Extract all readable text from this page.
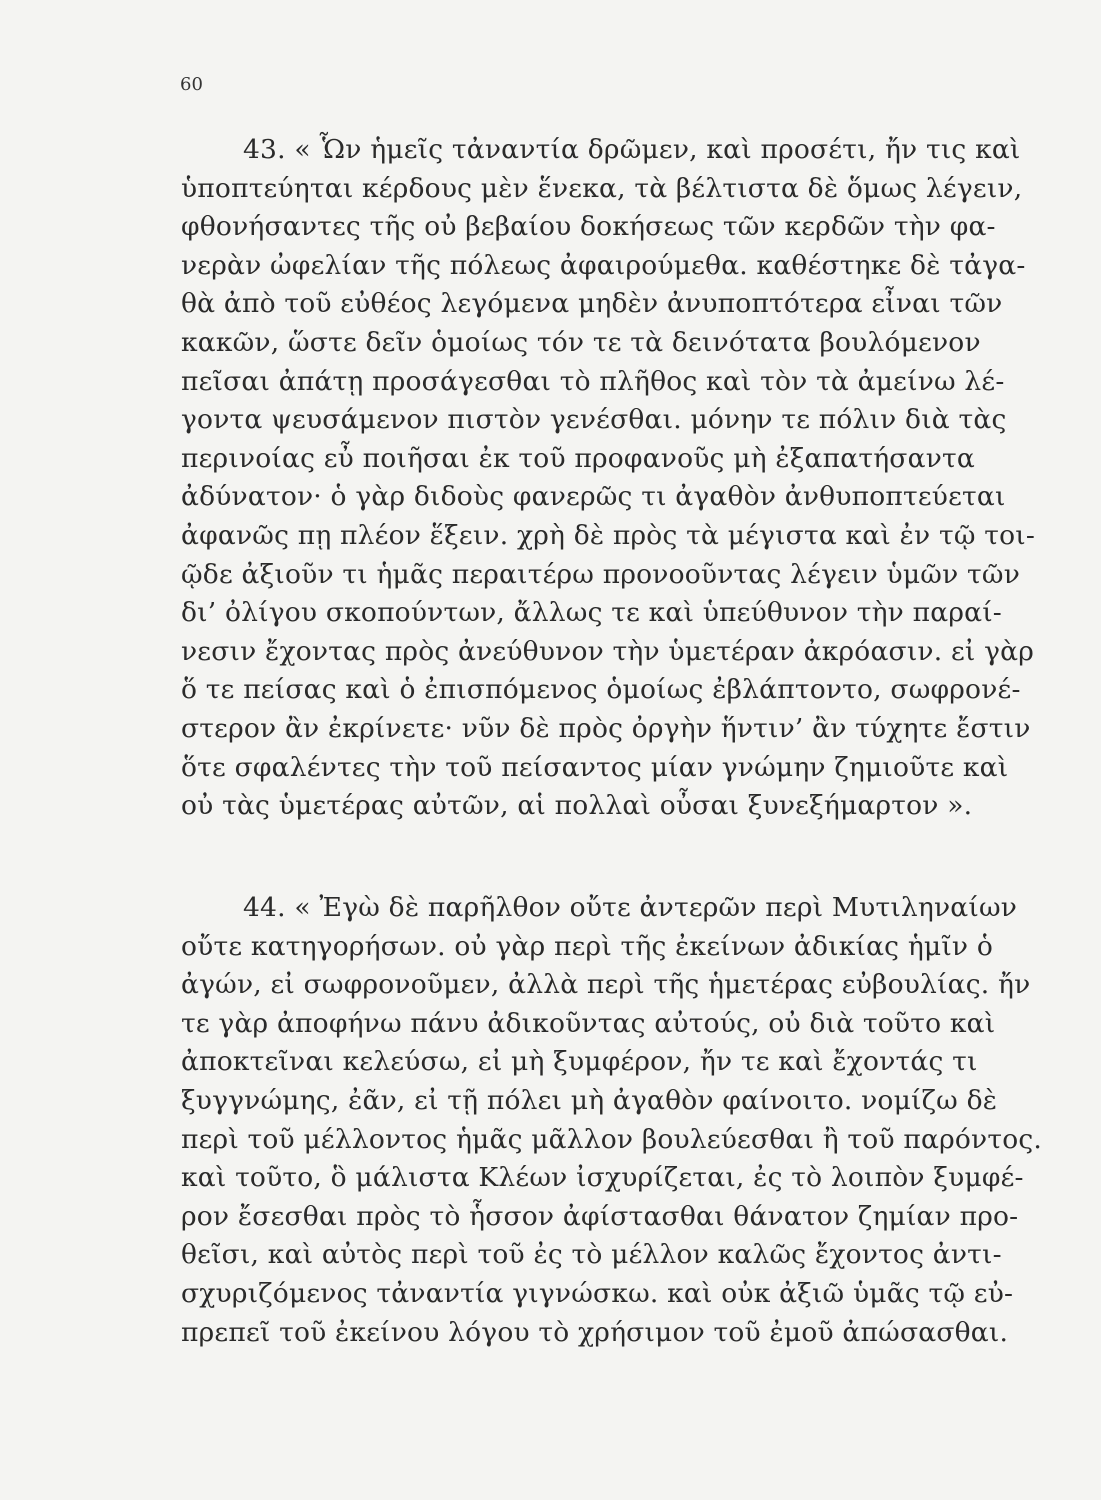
60
43. « Ὧν ἡμεῖς τἀναντία δρῶμεν, καὶ προσέτι, ἤν τις καὶ
ὑποπτεύηται κέρδους μὲν ἕνεκα, τὰ βέλτιστα δὲ ὅμως λέγειν,
φθονήσαντες τῆς οὐ βεβαίου δοκήσεως τῶν κερδῶν τὴν φα-
νερὰν ὠφελίαν τῆς πόλεως ἀφαιρούμεθα. καθέστηκε δὲ τἀγα-
θὰ ἀπὸ τοῦ εὐθέος λεγόμενα μηδὲν ἀνυποπτότερα εἶναι τῶν
κακῶν, ὥστε δεῖν ὁμοίως τόν τε τὰ δεινότατα βουλόμενον
πεῖσαι ἀπάτῃ προσάγεσθαι τὸ πλῆθος καὶ τὸν τὰ ἀμείνω λέ-
γοντα ψευσάμενον πιστὸν γενέσθαι. μόνην τε πόλιν διὰ τὰς
περινοίας εὖ ποιῆσαι ἐκ τοῦ προφανοῦς μὴ ἐξαπατήσαντα
ἀδύνατον· ὁ γὰρ διδοὺς φανερῶς τι ἀγαθὸν ἀνθυποπτεύεται
ἀφανῶς πῃ πλέον ἕξειν. χρὴ δὲ πρὸς τὰ μέγιστα καὶ ἐν τῷ τοι-
ῷδε ἀξιοῦν τι ἡμᾶς περαιτέρω προνοοῦντας λέγειν ὑμῶν τῶν
δι’ ὀλίγου σκοπούντων, ἄλλως τε καὶ ὑπεύθυνον τὴν παραί-
νεσιν ἔχοντας πρὸς ἀνεύθυνον τὴν ὑμετέραν ἀκρόασιν. εἰ γὰρ
ὅ τε πείσας καὶ ὁ ἐπισπόμενος ὁμοίως ἐβλάπτοντο, σωφρονέ-
στερον ἂν ἐκρίνετε· νῦν δὲ πρὸς ὀργὴν ἥντιν’ ἂν τύχητε ἔστιν
ὅτε σφαλέντες τὴν τοῦ πείσαντος μίαν γνώμην ζημιοῦτε καὶ
οὐ τὰς ὑμετέρας αὐτῶν, αἱ πολλαὶ οὖσαι ξυνεξήμαρτον ».
44. « Ἐγὼ δὲ παρῆλθον οὔτε ἀντερῶν περὶ Μυτιληναίων
οὔτε κατηγορήσων. οὐ γὰρ περὶ τῆς ἐκείνων ἀδικίας ἡμῖν ὁ
ἀγών, εἰ σωφρονοῦμεν, ἀλλὰ περὶ τῆς ἡμετέρας εὐβουλίας. ἤν
τε γὰρ ἀποφήνω πάνυ ἀδικοῦντας αὐτούς, οὐ διὰ τοῦτο καὶ
ἀποκτεῖναι κελεύσω, εἰ μὴ ξυμφέρον, ἤν τε καὶ ἔχοντάς τι
ξυγγνώμης, ἐᾶν, εἰ τῇ πόλει μὴ ἀγαθὸν φαίνοιτο. νομίζω δὲ
περὶ τοῦ μέλλοντος ἡμᾶς μᾶλλον βουλεύεσθαι ἢ τοῦ παρόντος.
καὶ τοῦτο, ὃ μάλιστα Κλέων ἰσχυρίζεται, ἐς τὸ λοιπὸν ξυμφέ-
ρον ἔσεσθαι πρὸς τὸ ἧσσον ἀφίστασθαι θάνατον ζημίαν προ-
θεῖσι, καὶ αὐτὸς περὶ τοῦ ἐς τὸ μέλλον καλῶς ἔχοντος ἀντι-
σχυριζόμενος τἀναντία γιγνώσκω. καὶ οὐκ ἀξιῶ ὑμᾶς τῷ εὐ-
πρεπεῖ τοῦ ἐκείνου λόγου τὸ χρήσιμον τοῦ ἐμοῦ ἀπώσασθαι.
